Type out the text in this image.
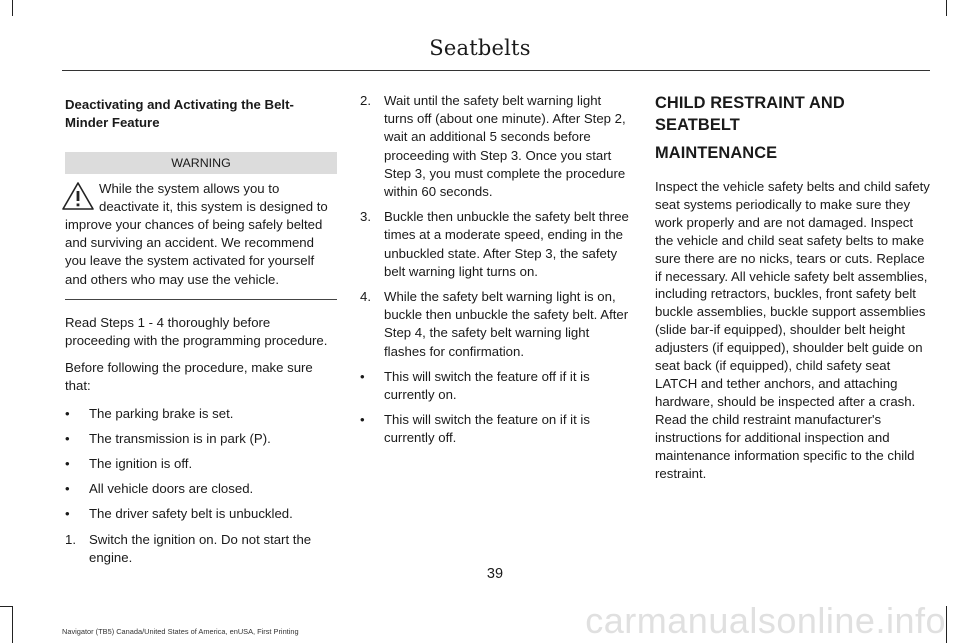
Seatbelts
Deactivating and Activating the Belt-Minder Feature
WARNING
While the system allows you to deactivate it, this system is designed to improve your chances of being safely belted and surviving an accident. We recommend you leave the system activated for yourself and others who may use the vehicle.

Read Steps 1 - 4 thoroughly before proceeding with the programming procedure.

Before following the procedure, make sure that:

• The parking brake is set.
• The transmission is in park (P).
• The ignition is off.
• All vehicle doors are closed.
• The driver safety belt is unbuckled.
1. Switch the ignition on. Do not start the engine.
2. Wait until the safety belt warning light turns off (about one minute). After Step 2, wait an additional 5 seconds before proceeding with Step 3. Once you start Step 3, you must complete the procedure within 60 seconds.
3. Buckle then unbuckle the safety belt three times at a moderate speed, ending in the unbuckled state. After Step 3, the safety belt warning light turns on.
4. While the safety belt warning light is on, buckle then unbuckle the safety belt. After Step 4, the safety belt warning light flashes for confirmation.
• This will switch the feature off if it is currently on.
• This will switch the feature on if it is currently off.
CHILD RESTRAINT AND SEATBELT
MAINTENANCE
Inspect the vehicle safety belts and child safety seat systems periodically to make sure they work properly and are not damaged. Inspect the vehicle and child seat safety belts to make sure there are no nicks, tears or cuts. Replace if necessary. All vehicle safety belt assemblies, including retractors, buckles, front safety belt buckle assemblies, buckle support assemblies (slide bar-if equipped), shoulder belt height adjusters (if equipped), shoulder belt guide on seat back (if equipped), child safety seat LATCH and tether anchors, and attaching hardware, should be inspected after a crash. Read the child restraint manufacturer's instructions for additional inspection and maintenance information specific to the child restraint.
39
Navigator (TB5) Canada/United States of America, enUSA, First Printing	carmanualsonline.info
